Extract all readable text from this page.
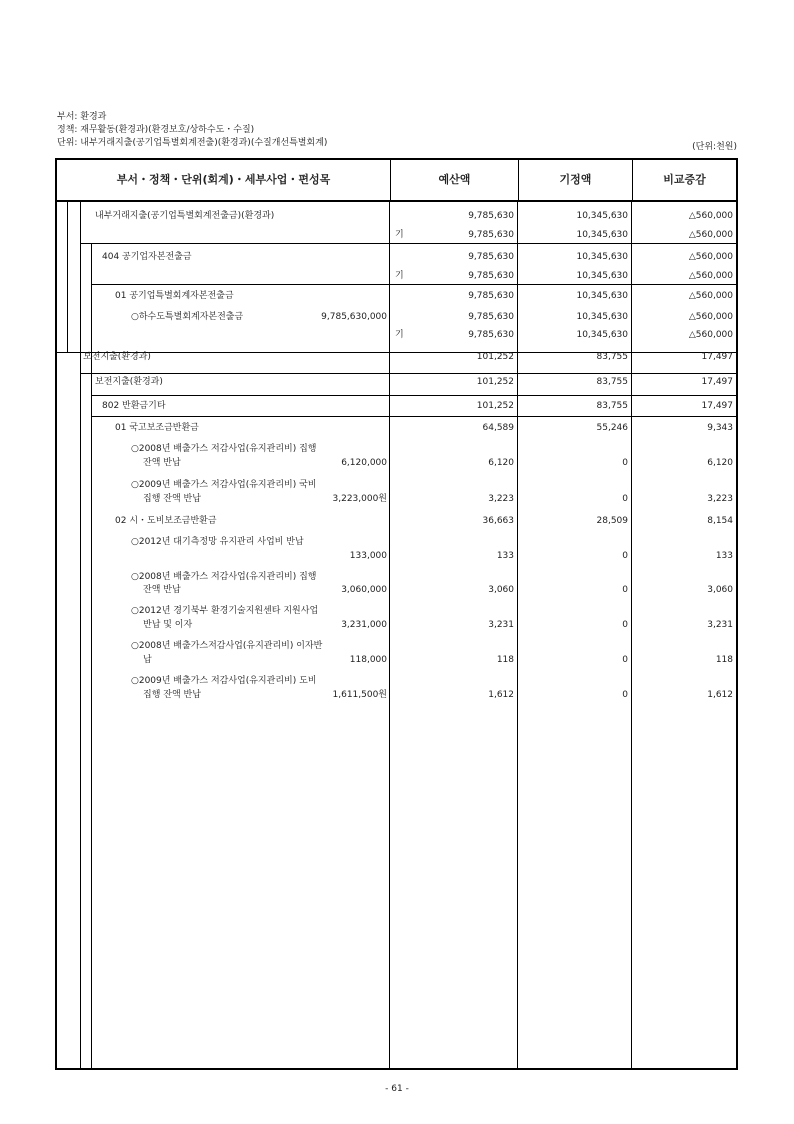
부서: 환경과
정책: 재무활동(환경과)(환경보호/상하수도・수질)
단위: 내부거래지출(공기업특별회계전출)(환경과)(수질개선특별회계)	(단위:천원)
부서・정책・단위(회계)・세부사업・편성목	예산액	기정액	비교증감
내부거래지출(공기업특별회계전출금)(환경과)	9,785,630	10,345,630	△560,000
기	9,785,630	10,345,630	△560,000
404 공기업자본전출금	9,785,630	10,345,630	△560,000
기	9,785,630	10,345,630	△560,000
01 공기업특별회계자본전출금	9,785,630	10,345,630	△560,000
○하수도특별회계자본전출금	9,785,630,000	9,785,630	10,345,630	△560,000
기	9,785,630	10,345,630	△560,000
보전지출(환경과)	101,252	83,755	17,497
보전지출(환경과)	101,252	83,755	17,497
802 반환금기타	101,252	83,755	17,497
01 국고보조금반환금	64,589	55,246	9,343
○2008년 배출가스 저감사업(유지관리비) 집행
잔액 반납	6,120,000	6,120	0	6,120
○2009년 배출가스 저감사업(유지관리비) 국비
집행 잔액 반납	3,223,000원	3,223	0	3,223
02 시・도비보조금반환금	36,663	28,509	8,154
○2012년 대기측정망 유지관리 사업비 반납
133,000	133	0	133
○2008년 배출가스 저감사업(유지관리비) 집행
잔액 반납	3,060,000	3,060	0	3,060
○2012년 경기북부 환경기술지원센타 지원사업
반납 및 이자	3,231,000	3,231	0	3,231
○2008년 배출가스저감사업(유지관리비) 이자반
납	118,000	118	0	118
○2009년 배출가스 저감사업(유지관리비) 도비
집행 잔액 반납	1,611,500원	1,612	0	1,612
- 61 -
